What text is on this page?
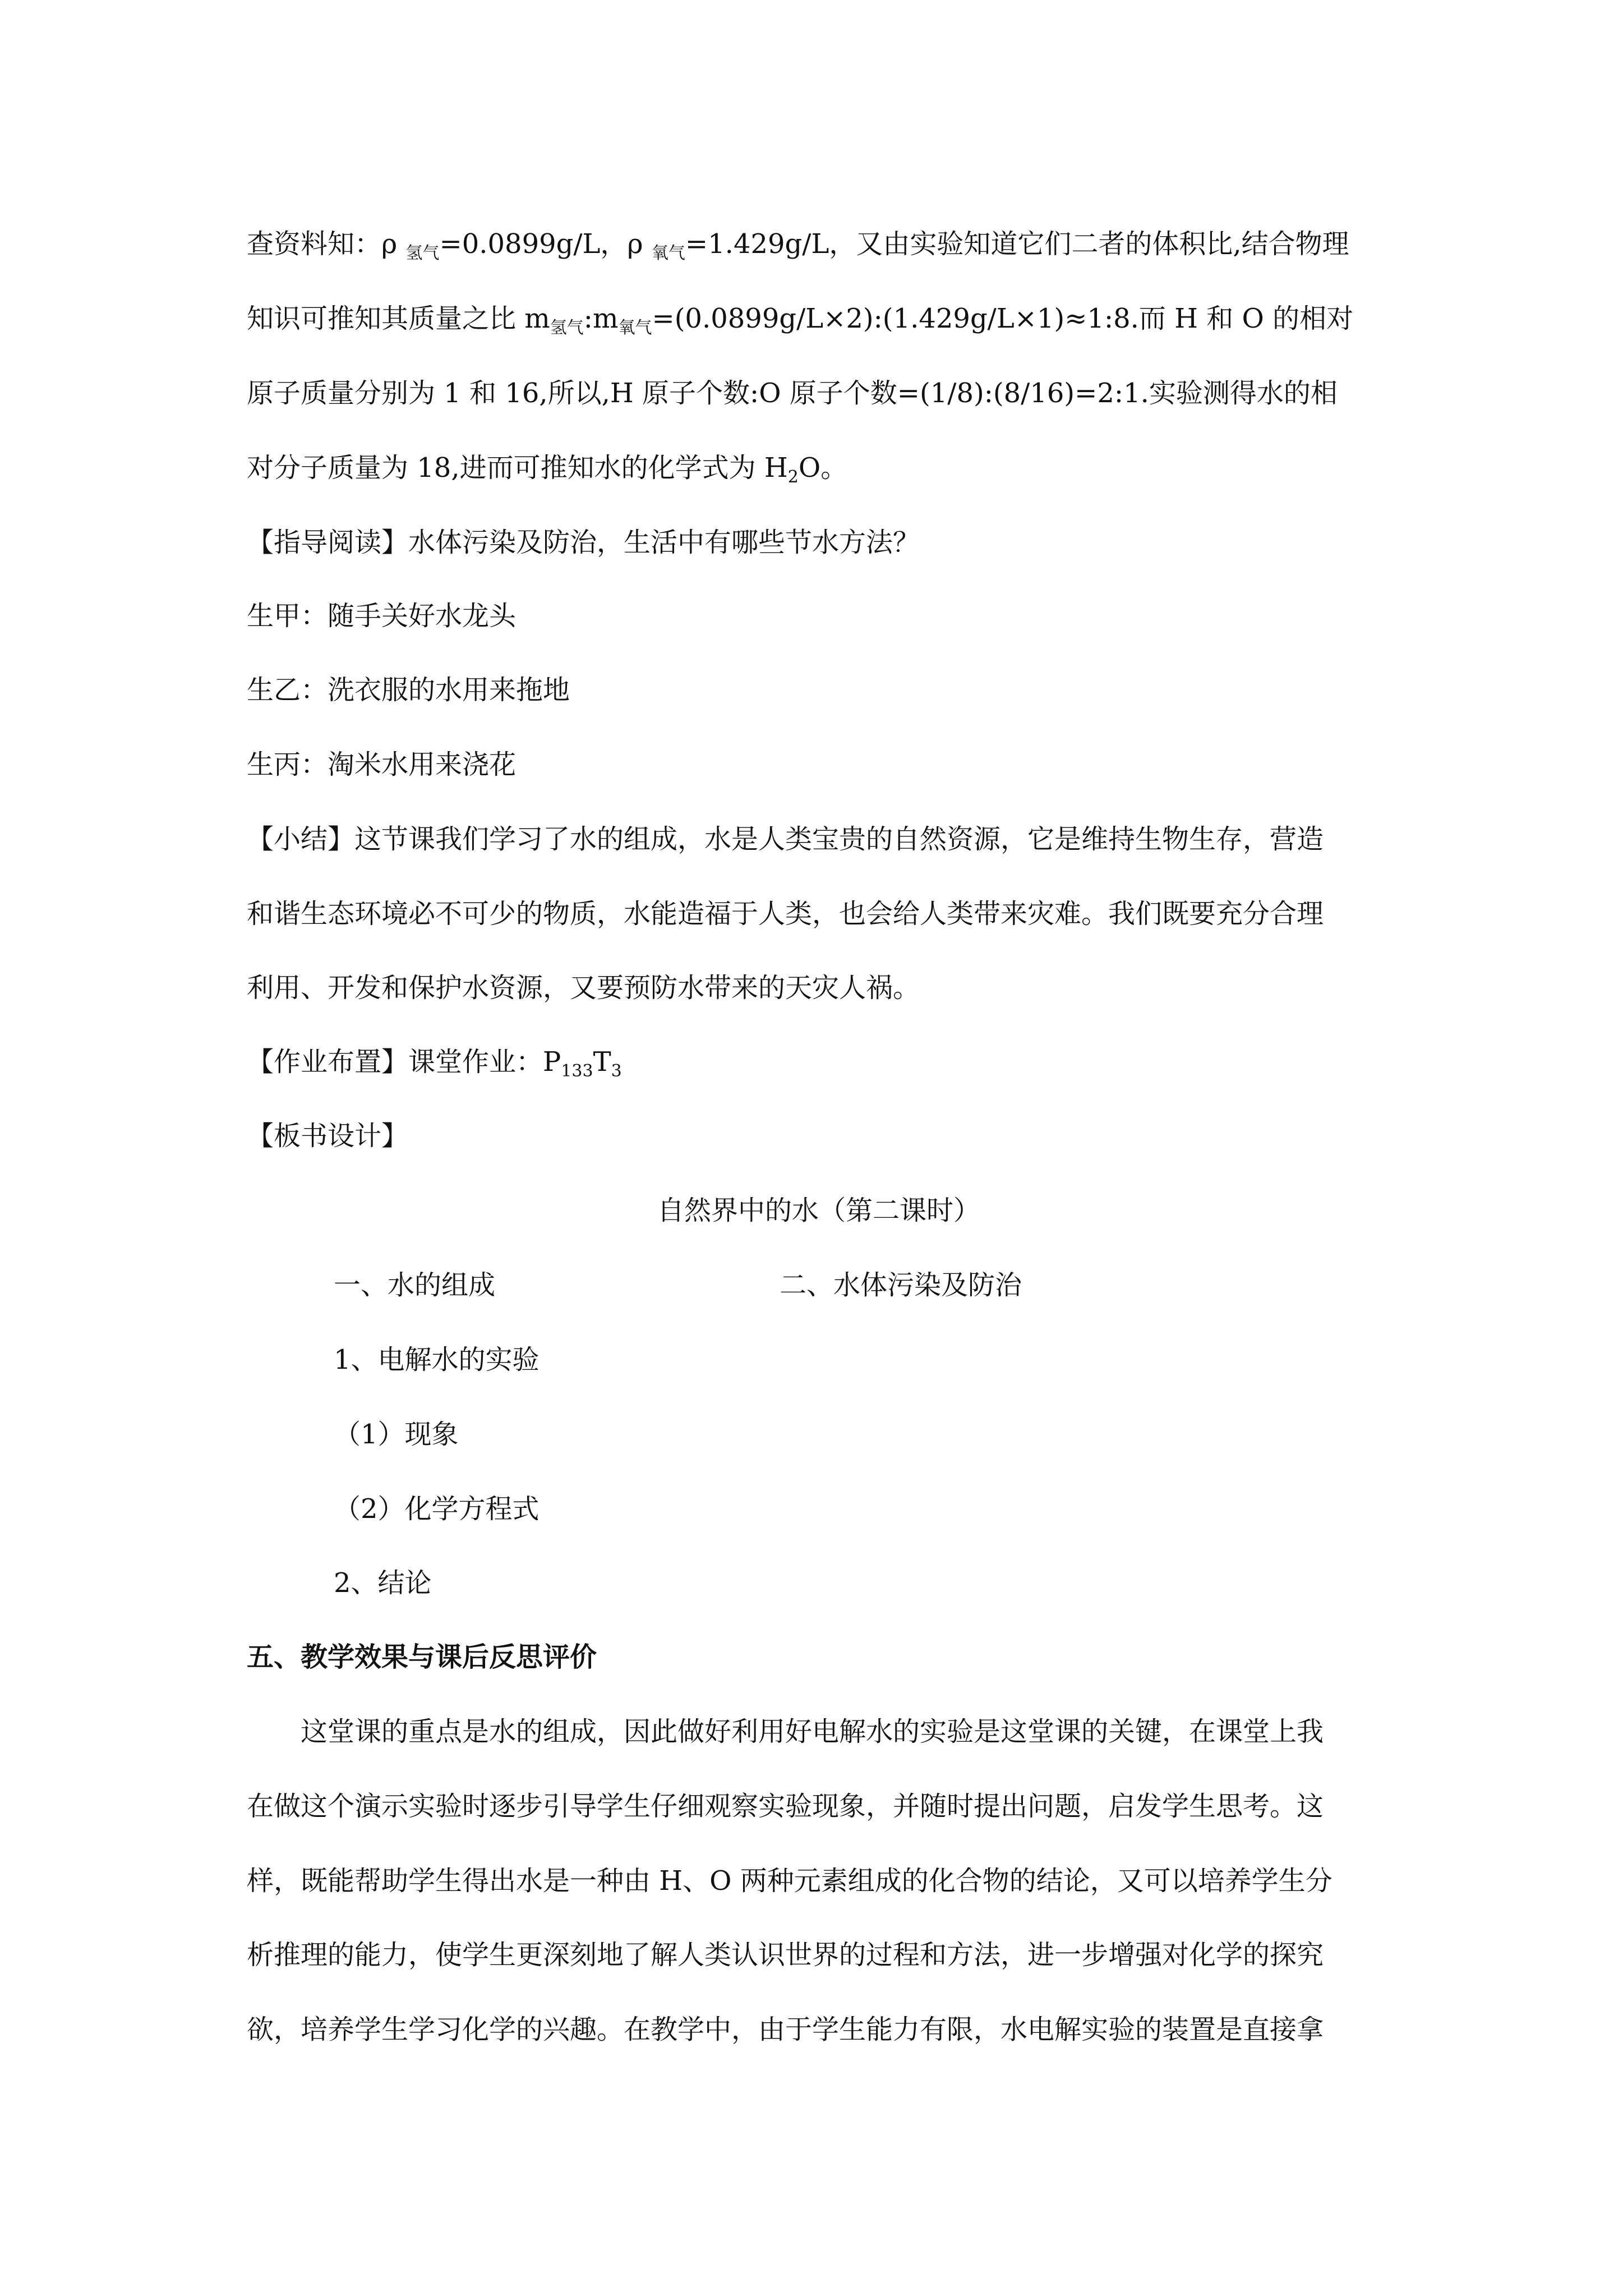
查资料知：ρ $_{氢气}$=0.0899g/L，ρ $_{氧气}$=1.429g/L，又由实验知道它们二者的体积比,结合物理
知识可推知其质量之比 $m_{氢气}:m_{氧气}=(0.0899g/L\times 2):(1.429g/L\times 1)\approx 1:8$.而 H 和 O 的相对
原子质量分别为 1 和 16,所以,H 原子个数:O 原子个数=(1/8):(8/16)=2:1.实验测得水的相
对分子质量为 18,进而可推知水的化学式为 $H_2O$。
【指导阅读】水体污染及防治，生活中有哪些节水方法？
生甲：随手关好水龙头
生乙：洗衣服的水用来拖地
生丙：淘米水用来浇花
【小结】这节课我们学习了水的组成，水是人类宝贵的自然资源，它是维持生物生存，营造
和谐生态环境必不可少的物质，水能造福于人类，也会给人类带来灾难。我们既要充分合理
利用、开发和保护水资源，又要预防水带来的天灾人祸。
【作业布置】课堂作业：$P_{133}T_3$
【板书设计】
自然界中的水（第二课时）
一、水的组成	二、水体污染及防治
1、电解水的实验
（1）现象
（2）化学方程式
2、结论
五、教学效果与课后反思评价
这堂课的重点是水的组成，因此做好利用好电解水的实验是这堂课的关键，在课堂上我
在做这个演示实验时逐步引导学生仔细观察实验现象，并随时提出问题，启发学生思考。这
样，既能帮助学生得出水是一种由 H、O 两种元素组成的化合物的结论，又可以培养学生分
析推理的能力，使学生更深刻地了解人类认识世界的过程和方法，进一步增强对化学的探究
欲，培养学生学习化学的兴趣。在教学中，由于学生能力有限，水电解实验的装置是直接拿
